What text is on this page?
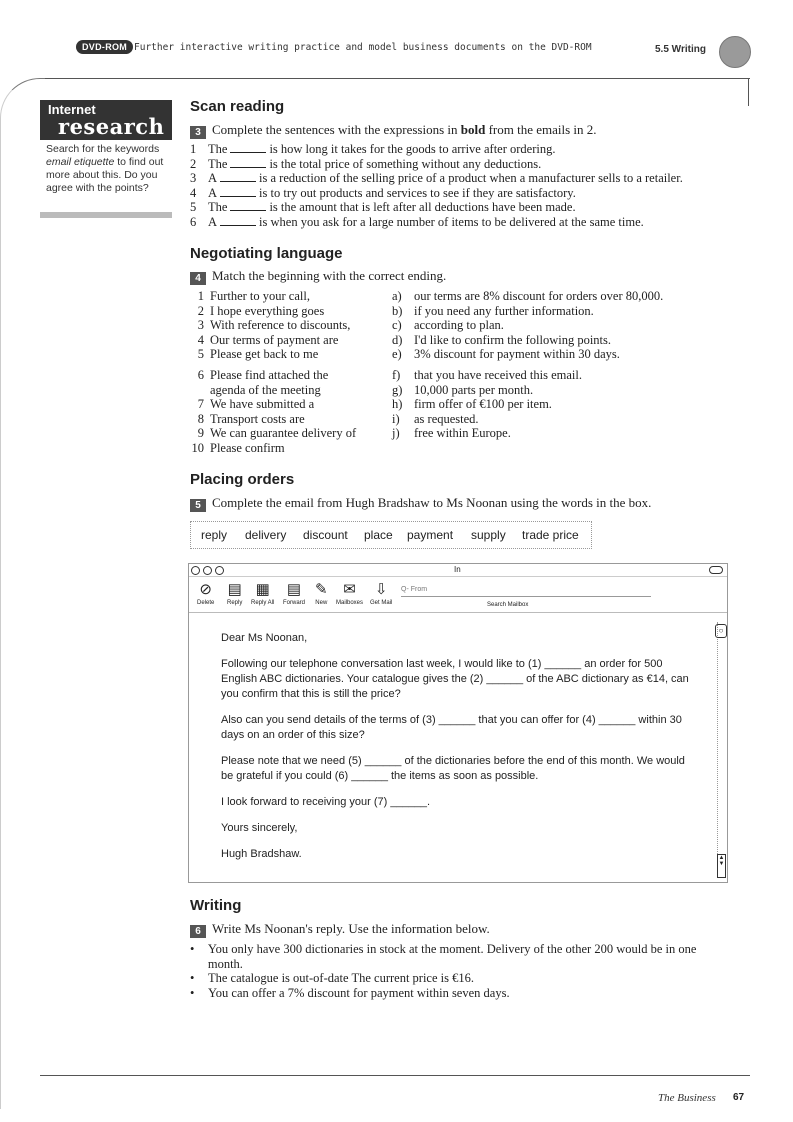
DVD-ROM Further interactive writing practice and model business documents on the DVD-ROM	5.5 Writing
Internet
research
Search for the keywords email etiquette to find out more about this. Do you agree with the points?
Scan reading
3 Complete the sentences with the expressions in bold from the emails in 2.
1 The	is how long it takes for the goods to arrive after ordering.
2 The	is the total price of something without any deductions.
3 A	is a reduction of the selling price of a product when a manufacturer sells to a retailer.
4 A	is to try out products and services to see if they are satisfactory.
5 The	is the amount that is left after all deductions have been made.
6 A	is when you ask for a large number of items to be delivered at the same time.
Negotiating language
4 Match the beginning with the correct ending.
1 Further to your call,	a) our terms are 8% discount for orders over 80,000.
2 I hope everything goes	b) if you need any further information.
3 With reference to discounts,	c) according to plan.
4 Our terms of payment are	d) I'd like to confirm the following points.
5 Please get back to me	e) 3% discount for payment within 30 days.
6 Please find attached the	f)	that you have received this email.
agenda of the meeting	g) 10,000 parts per month.
7 We have submitted a	h) firm offer of €100 per item.
8 Transport costs are	i)	as requested.
9 We can guarantee delivery of	j)	free within Europe.
10 Please confirm
Placing orders
5 Complete the email from Hugh Bradshaw to Ms Noonan using the words in the box.
reply delivery discount place payment supply trade price
In
⊘
Delete
▤
Reply
▦
Reply All
▤
Forward
✎
New
✉
Mailboxes
⇩
Get Mail
Q- From
Search Mailbox
○
▲
▼

Dear Ms Noonan,

Following our telephone conversation last week, I would like to (1) ______ an order for 500 English ABC dictionaries. Your catalogue gives the (2) ______ of the ABC dictionary as €14, can you confirm that this is still the price?

Also can you send details of the terms of (3) ______ that you can offer for (4) ______ within 30 days on an order of this size?

Please note that we need (5) ______ of the dictionaries before the end of this month. We would be grateful if you could (6) ______ the items as soon as possible.

I look forward to receiving your (7) ______.

Yours sincerely,

Hugh Bradshaw.

Writing
6 Write Ms Noonan's reply. Use the information below.
•	You only have 300 dictionaries in stock at the moment. Delivery of the other 200 would be in one month.
•	The catalogue is out-of-date The current price is €16.
•	You can offer a 7% discount for payment within seven days.
The Business 67
